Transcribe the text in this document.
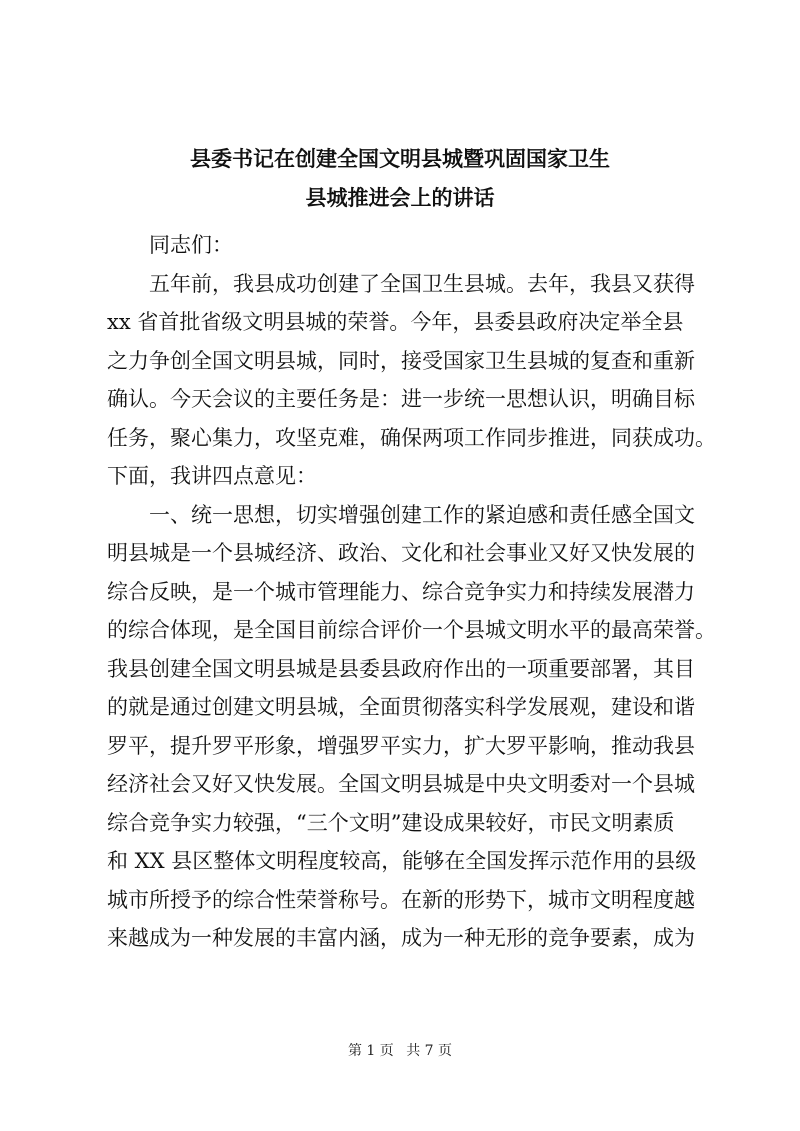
县委书记在创建全国文明县城暨巩固国家卫生
县城推进会上的讲话
同志们：
五年前，我县成功创建了全国卫生县城。去年，我县又获得
xx 省首批省级文明县城的荣誉。今年，县委县政府决定举全县
之力争创全国文明县城，同时，接受国家卫生县城的复查和重新
确认。今天会议的主要任务是：进一步统一思想认识，明确目标
任务，聚心集力，攻坚克难，确保两项工作同步推进，同获成功。
下面，我讲四点意见：
一、统一思想，切实增强创建工作的紧迫感和责任感全国文
明县城是一个县城经济、政治、文化和社会事业又好又快发展的
综合反映，是一个城市管理能力、综合竞争实力和持续发展潜力
的综合体现，是全国目前综合评价一个县城文明水平的最高荣誉。
我县创建全国文明县城是县委县政府作出的一项重要部署，其目
的就是通过创建文明县城，全面贯彻落实科学发展观，建设和谐
罗平，提升罗平形象，增强罗平实力，扩大罗平影响，推动我县
经济社会又好又快发展。全国文明县城是中央文明委对一个县城
综合竞争实力较强，“三个文明”建设成果较好，市民文明素质
和 XX 县区整体文明程度较高，能够在全国发挥示范作用的县级
城市所授予的综合性荣誉称号。在新的形势下，城市文明程度越
来越成为一种发展的丰富内涵，成为一种无形的竞争要素，成为
第 1 页 共 7 页
